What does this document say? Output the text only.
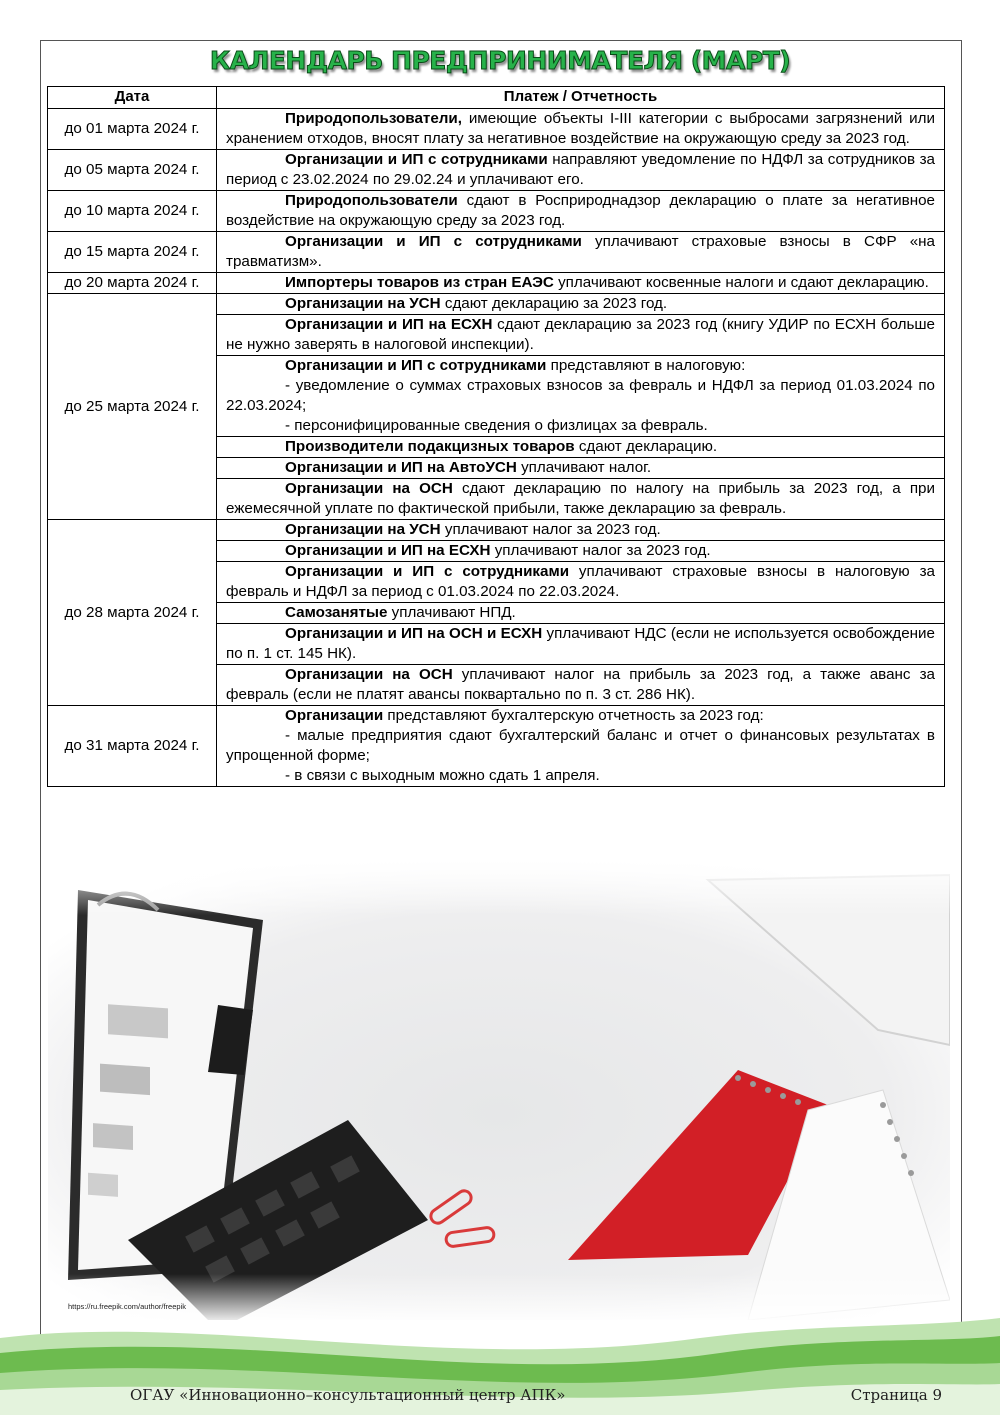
КАЛЕНДАРЬ ПРЕДПРИНИМАТЕЛЯ (МАРТ)
Дата	Платеж / Отчетность
до 01 марта 2024 г.	Природопользователи, имеющие объекты I-III категории с выбросами загрязнений или хранением отходов, вносят плату за негативное воздействие на окружающую среду за 2023 год.

до 05 марта 2024 г.	Организации и ИП с сотрудниками направляют уведомление по НДФЛ за сотрудников за период с 23.02.2024 по 29.02.24 и уплачивают его.

до 10 марта 2024 г.	Природопользователи сдают в Росприроднадзор декларацию о плате за негативное воздействие на окружающую среду за 2023 год.

до 15 марта 2024 г.	Организации и ИП с сотрудниками уплачивают страховые взносы в СФР «на травматизм».

до 20 марта 2024 г.	Импортеры товаров из стран ЕАЭС уплачивают косвенные налоги и сдают декларацию.

до 25 марта 2024 г.	Организации на УСН сдают декларацию за 2023 год.

	Организации и ИП на ЕСХН сдают декларацию за 2023 год (книгу УДИР по ЕСХН больше не нужно заверять в налоговой инспекции).

	Организации и ИП с сотрудниками представляют в налоговую:
- уведомление о суммах страховых взносов за февраль и НДФЛ за период 01.03.2024 по 22.03.2024;
- персонифицированные сведения о физлицах за февраль.

	Производители подакцизных товаров сдают декларацию.

	Организации и ИП на АвтоУСН уплачивают налог.

	Организации на ОСН сдают декларацию по налогу на прибыль за 2023 год, а при ежемесячной уплате по фактической прибыли, также декларацию за февраль.

до 28 марта 2024 г.	Организации на УСН уплачивают налог за 2023 год.

	Организации и ИП на ЕСХН уплачивают налог за 2023 год.

	Организации и ИП с сотрудниками уплачивают страховые взносы в налоговую за февраль и НДФЛ за период с 01.03.2024 по 22.03.2024.

	Самозанятые уплачивают НПД.

	Организации и ИП на ОСН и ЕСХН уплачивают НДС (если не используется освобождение по п. 1 ст. 145 НК).

	Организации на ОСН уплачивают налог на прибыль за 2023 год, а также аванс за февраль (если не платят авансы поквартально по п. 3 ст. 286 НК).

до 31 марта 2024 г.	Организации представляют бухгалтерскую отчетность за 2023 год:
- малые предприятия сдают бухгалтерский баланс и отчет о финансовых результатах в упрощенной форме;
- в связи с выходным можно сдать 1 апреля.
https://ru.freepik.com/author/freepik
ОГАУ «Инновационно–консультационный центр АПК»	Страница 9
